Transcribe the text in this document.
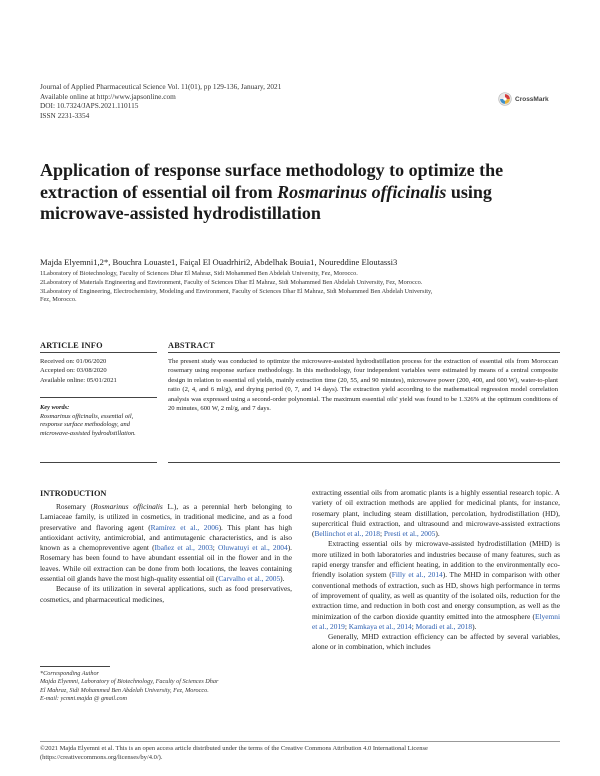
Journal of Applied Pharmaceutical Science Vol. 11(01), pp 129-136, January, 2021
Available online at http://www.japsonline.com
DOI: 10.7324/JAPS.2021.110115
ISSN 2231-3354
CrossMark
Application of response surface methodology to optimize the extraction of essential oil from Rosmarinus officinalis using microwave-assisted hydrodistillation
Majda Elyemni1,2*, Bouchra Louaste1, Faiçal El Ouadrhiri2, Abdelhak Bouia1, Noureddine Eloutassi3
1Laboratory of Biotechnology, Faculty of Sciences Dhar El Mahraz, Sidi Mohammed Ben Abdelah University, Fez, Morocco.
2Laboratory of Materials Engineering and Environment, Faculty of Sciences Dhar El Mahraz, Sidi Mohammed Ben Abdelah University, Fez, Morocco.
3Laboratory of Engineering, Electrochemistry, Modeling and Environment, Faculty of Sciences Dhar El Mahraz, Sidi Mohammed Ben Abdelah University,
Fez, Morocco.
ARTICLE INFO
Received on: 01/06/2020
Accepted on: 03/08/2020
Available online: 05/01/2021
Key words:
Rosmarinus officinalis, essential oil, response surface methodology, and microwave-assisted hydrodistillation.
ABSTRACT
The present study was conducted to optimize the microwave-assisted hydrodistillation process for the extraction of essential oils from Moroccan rosemary using response surface methodology. In this methodology, four independent variables were estimated by means of a central composite design in relation to essential oil yields, mainly extraction time (20, 55, and 90 minutes), microwave power (200, 400, and 600 W), water-to-plant ratio (2, 4, and 6 ml/g), and drying period (0, 7, and 14 days). The extraction yield according to the mathematical regression model correlation analysis was expressed using a second-order polynomial. The maximum essential oils' yield was found to be 1.326% at the optimum conditions of 20 minutes, 600 W, 2 ml/g, and 7 days.
INTRODUCTION

Rosemary (Rosmarinus officinalis L.), as a perennial herb belonging to Lamiaceae family, is utilized in cosmetics, in traditional medicine, and as a food preservative and flavoring agent (Ramírez et al., 2006). This plant has high antioxidant activity, antimicrobial, and antimutagenic characteristics, and is also known as a chemopreventive agent (Ibañez et al., 2003; Oluwatuyi et al., 2004). Rosemary has been found to have abundant essential oil in the flower and in the leaves. While oil extraction can be done from both locations, the leaves containing essential oil glands have the most high-quality essential oil (Carvalho et al., 2005).

Because of its utilization in several applications, such as food preservatives, cosmetics, and pharmaceutical medicines,

extracting essential oils from aromatic plants is a highly essential research topic. A variety of oil extraction methods are applied for medicinal plants, for instance, rosemary plant, including steam distillation, percolation, hydrodistillation (HD), supercritical fluid extraction, and ultrasound and microwave-assisted extractions (Bellinchot et al., 2018; Presti et al., 2005).

Extracting essential oils by microwave-assisted hydrodistillation (MHD) is more utilized in both laboratories and industries because of many features, such as rapid energy transfer and efficient heating, in addition to the environmentally eco-friendly isolation system (Filly et al., 2014). The MHD in comparison with other conventional methods of extraction, such as HD, shows high performance in terms of improvement of quality, as well as quantity of the isolated oils, reduction for the extraction time, and reduction in both cost and energy consumption, as well as the minimization of the carbon dioxide quantity emitted into the atmosphere (Elyemni et al., 2019; Kamkaya et al., 2014; Moradi et al., 2018).

Generally, MHD extraction efficiency can be affected by several variables, alone or in combination, which includes

*Corresponding Author
Majda Elyemni, Laboratory of Biotechnology, Faculty of Sciences Dhar
El Mahraz, Sidi Mohammed Ben Abdelah University, Fez, Morocco.
E-mail: ycmni.majda @ gmail.com
©2021 Majda Elyemni et al. This is an open access article distributed under the terms of the Creative Commons Attribution 4.0 International License
(https://creativecommons.org/licenses/by/4.0/).
